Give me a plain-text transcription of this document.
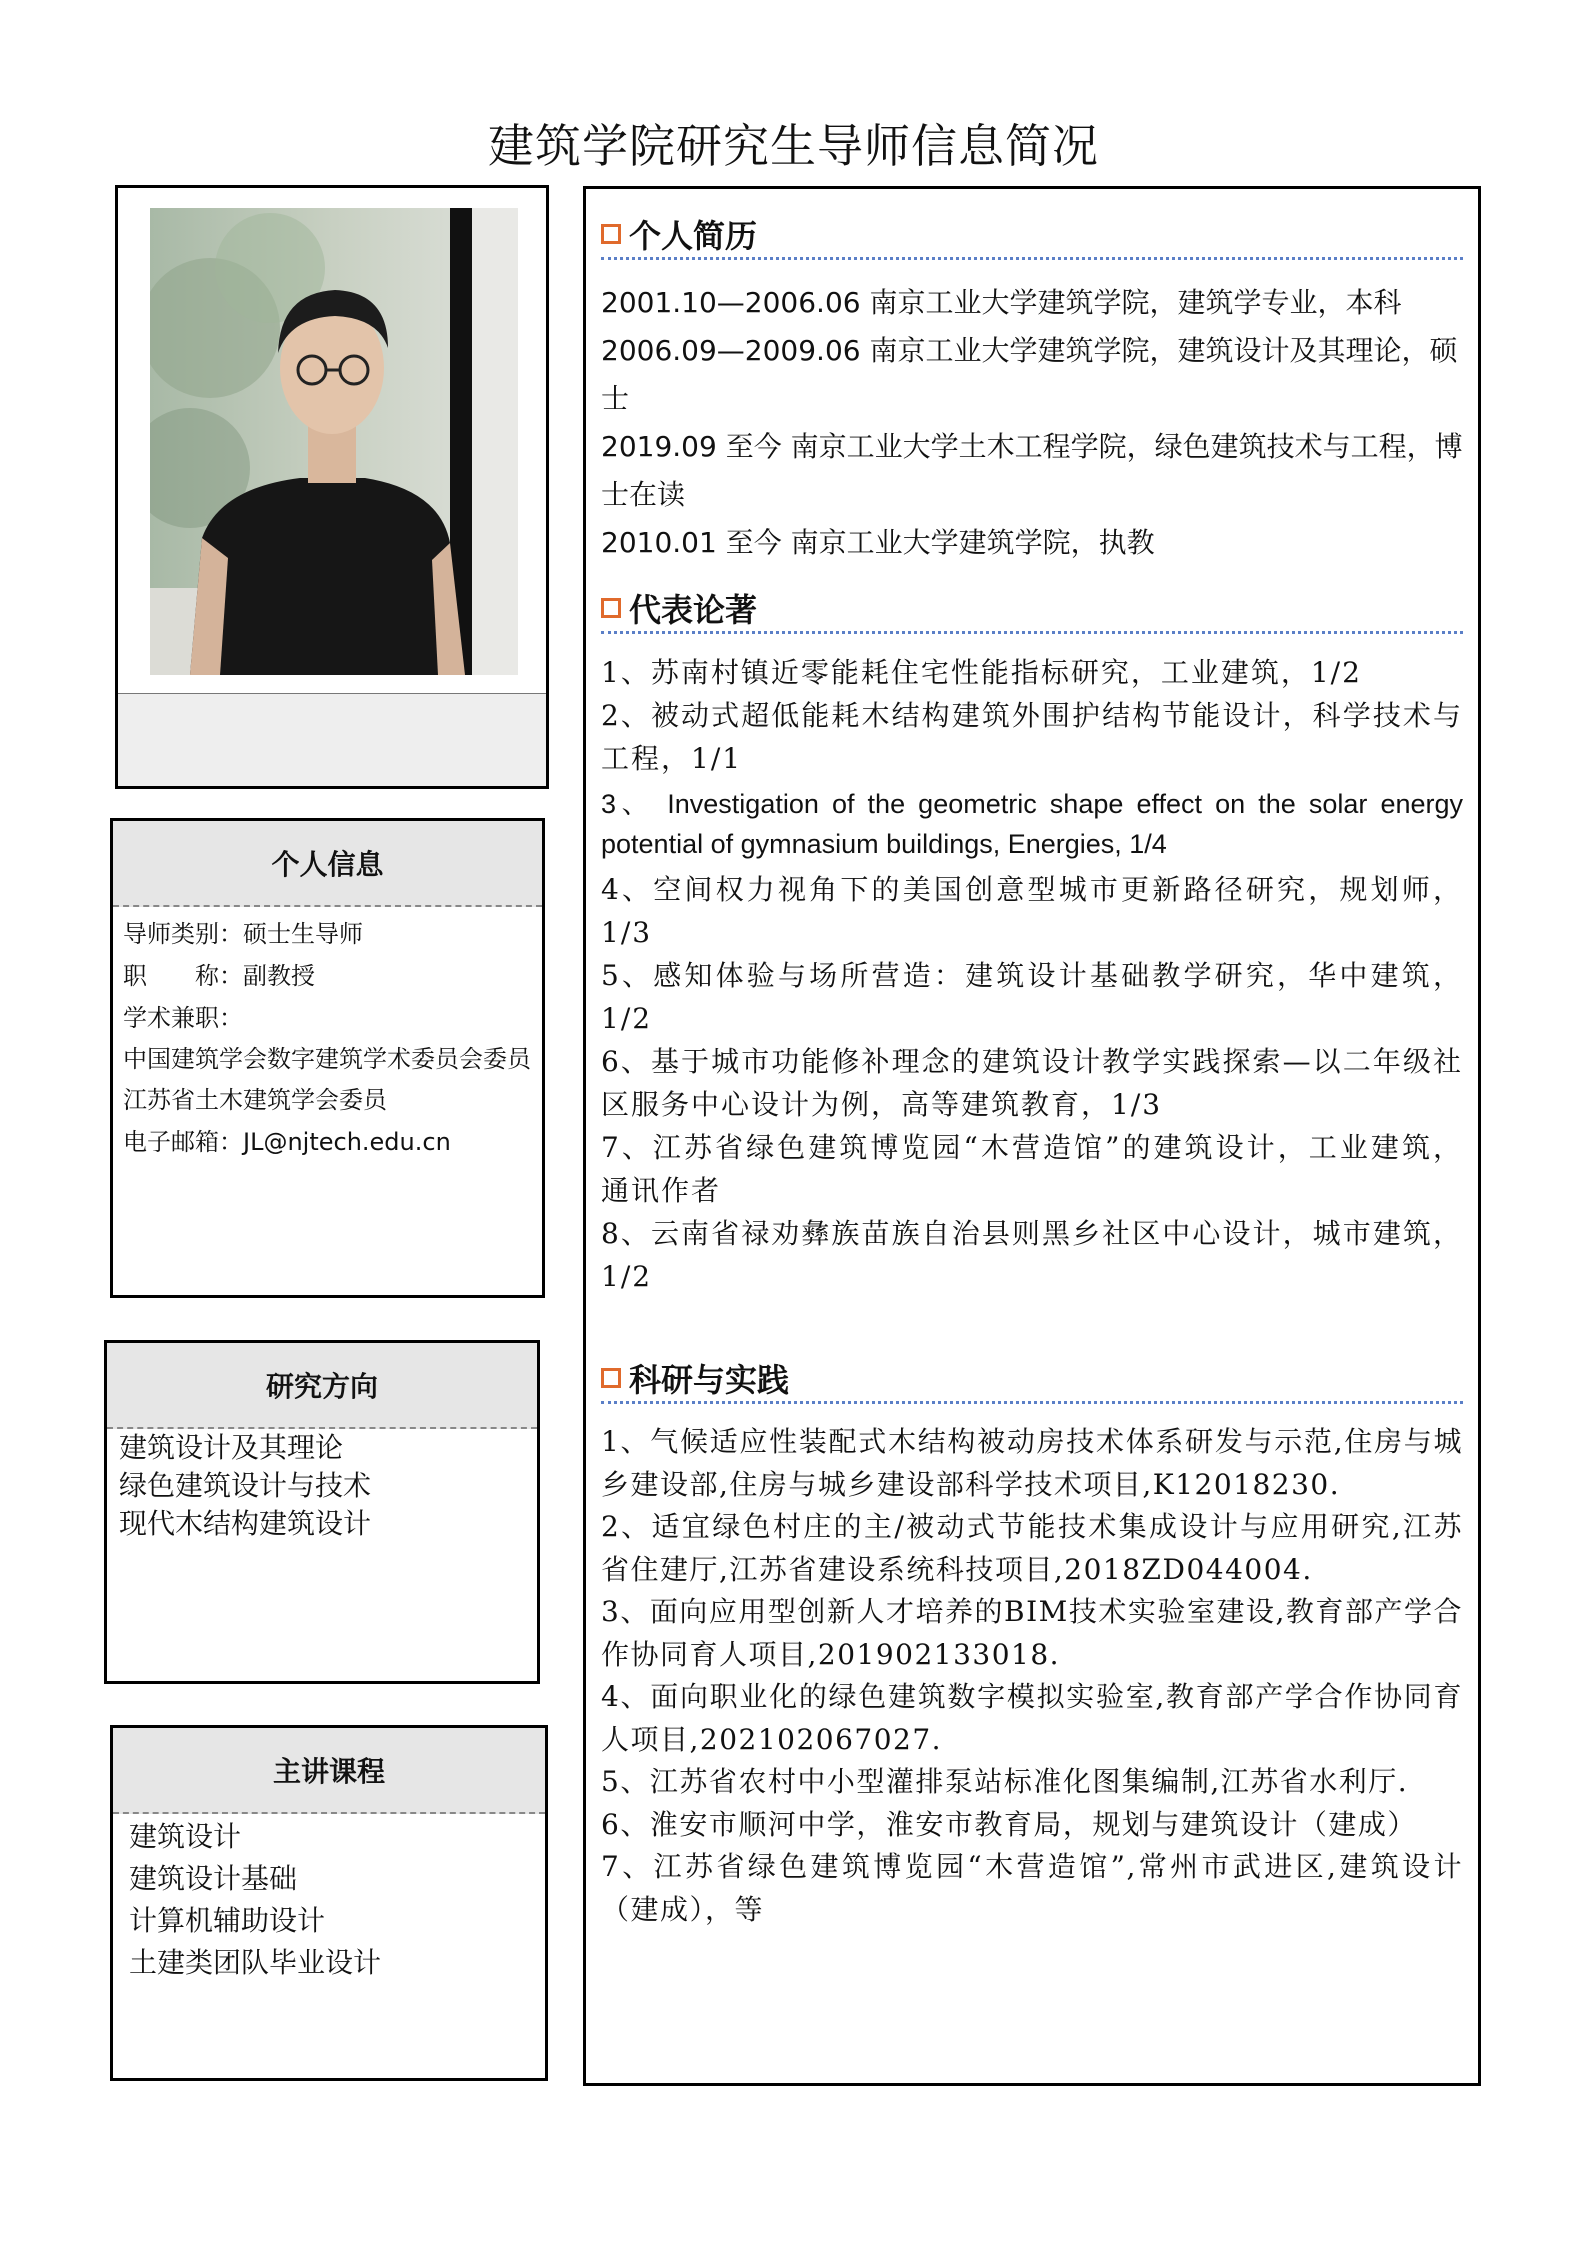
建筑学院研究生导师信息简况
个人信息

导师类别：硕士生导师

职　　称：副教授

学术兼职：

中国建筑学会数字建筑学术委员会委员

江苏省土木建筑学会委员

电子邮箱：JL@njtech.edu.cn

研究方向

建筑设计及其理论

绿色建筑设计与技术

现代木结构建筑设计

主讲课程

建筑设计

建筑设计基础

计算机辅助设计

土建类团队毕业设计

个人简历

2001.10—2006.06 南京工业大学建筑学院，建筑学专业，本科

2006.09—2009.06 南京工业大学建筑学院，建筑设计及其理论，硕士

2019.09 至今 南京工业大学土木工程学院，绿色建筑技术与工程，博士在读

2010.01 至今 南京工业大学建筑学院，执教

代表论著

1、苏南村镇近零能耗住宅性能指标研究，工业建筑，1/2

2、被动式超低能耗木结构建筑外围护结构节能设计，科学技术与工程，1/1

3、 Investigation of the geometric shape effect on the solar energy potential of gymnasium buildings, Energies, 1/4

4、空间权力视角下的美国创意型城市更新路径研究，规划师，1/3

5、感知体验与场所营造：建筑设计基础教学研究，华中建筑，1/2

6、基于城市功能修补理念的建筑设计教学实践探索—以二年级社区服务中心设计为例，高等建筑教育，1/3

7、江苏省绿色建筑博览园“木营造馆”的建筑设计，工业建筑，通讯作者

8、云南省禄劝彝族苗族自治县则黑乡社区中心设计，城市建筑，1/2

科研与实践

1、气候适应性装配式木结构被动房技术体系研发与示范,住房与城乡建设部,住房与城乡建设部科学技术项目,K12018230.

2、适宜绿色村庄的主/被动式节能技术集成设计与应用研究,江苏省住建厅,江苏省建设系统科技项目,2018ZD044004.

3、面向应用型创新人才培养的BIM技术实验室建设,教育部产学合作协同育人项目,201902133018.

4、面向职业化的绿色建筑数字模拟实验室,教育部产学合作协同育人项目,202102067027.

5、江苏省农村中小型灌排泵站标准化图集编制,江苏省水利厅.

6、淮安市顺河中学，淮安市教育局，规划与建筑设计（建成）

7、江苏省绿色建筑博览园“木营造馆”,常州市武进区,建筑设计（建成），等
